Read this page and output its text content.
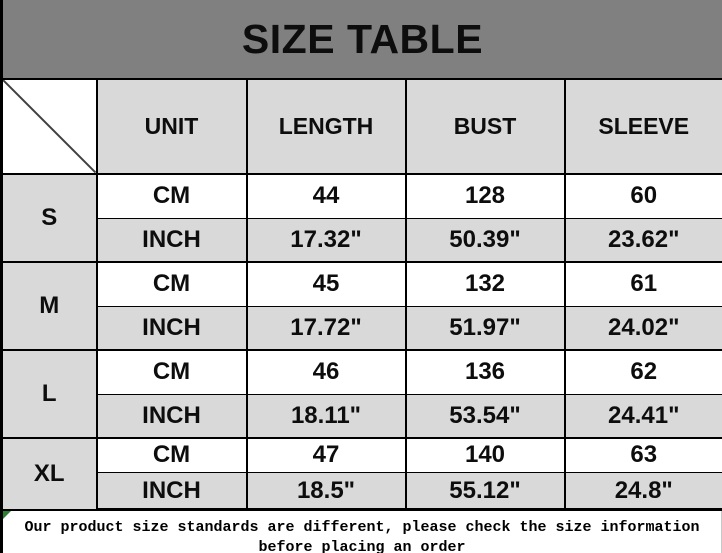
SIZE TABLE
	UNIT	LENGTH	BUST	SLEEVE
S	CM	44	128	60
	INCH	17.32"	50.39"	23.62"
M	CM	45	132	61
	INCH	17.72"	51.97"	24.02"
L	CM	46	136	62
	INCH	18.11"	53.54"	24.41"
XL	CM	47	140	63
	INCH	18.5"	55.12"	24.8"
Our product size standards are different, please check the size information
before placing an order
